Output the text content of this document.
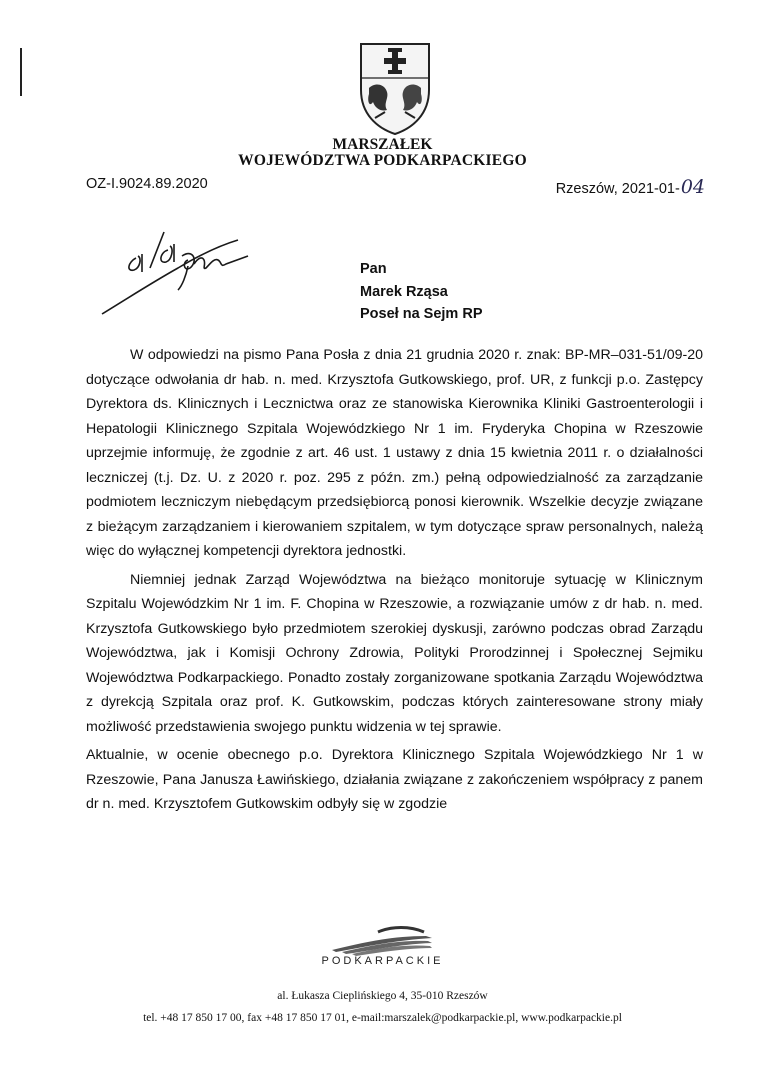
MARSZAŁEK
WOJEWÓDZTWA PODKARPACKIEGO
OZ-I.9024.89.2020	Rzeszów, 2021-01-04
Pan
Marek Rząsa
Poseł na Sejm RP

W odpowiedzi na pismo Pana Posła z dnia 21 grudnia 2020 r. znak: BP-MR–031-51/09-20 dotyczące odwołania dr hab. n. med. Krzysztofa Gutkowskiego, prof. UR, z funkcji p.o. Zastępcy Dyrektora ds. Klinicznych i Lecznictwa oraz ze stanowiska Kierownika Kliniki Gastroenterologii i Hepatologii Klinicznego Szpitala Wojewódzkiego Nr 1 im. Fryderyka Chopina w Rzeszowie uprzejmie informuję, że zgodnie z art. 46 ust. 1 ustawy z dnia 15 kwietnia 2011 r. o działalności leczniczej (t.j. Dz. U. z 2020 r. poz. 295 z późn. zm.) pełną odpowiedzialność za zarządzanie podmiotem leczniczym niebędącym przedsiębiorcą ponosi kierownik. Wszelkie decyzje związane z bieżącym zarządzaniem i kierowaniem szpitalem, w tym dotyczące spraw personalnych, należą więc do wyłącznej kompetencji dyrektora jednostki.

Niemniej jednak Zarząd Województwa na bieżąco monitoruje sytuację w Klinicznym Szpitalu Wojewódzkim Nr 1 im. F. Chopina w Rzeszowie, a rozwiązanie umów z dr hab. n. med. Krzysztofa Gutkowskiego było przedmiotem szerokiej dyskusji, zarówno podczas obrad Zarządu Województwa, jak i Komisji Ochrony Zdrowia, Polityki Prorodzinnej i Społecznej Sejmiku Województwa Podkarpackiego. Ponadto zostały zorganizowane spotkania Zarządu Województwa z dyrekcją Szpitala oraz prof. K. Gutkowskim, podczas których zainteresowane strony miały możliwość przedstawienia swojego punktu widzenia w tej sprawie.

Aktualnie, w ocenie obecnego p.o. Dyrektora Klinicznego Szpitala Wojewódzkiego Nr 1 w Rzeszowie, Pana Janusza Ławińskiego, działania związane z zakończeniem współpracy z panem dr n. med. Krzysztofem Gutkowskim odbyły się w zgodzie

PODKARPACKIE
al. Łukasza Cieplińskiego 4, 35-010 Rzeszów
tel. +48 17 850 17 00, fax +48 17 850 17 01, e-mail:marszalek@podkarpackie.pl, www.podkarpackie.pl
